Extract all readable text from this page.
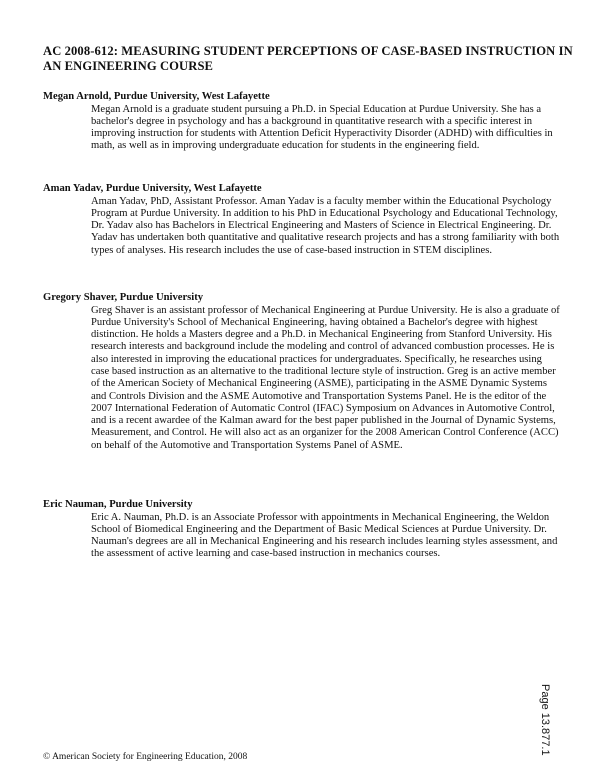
AC 2008-612: MEASURING STUDENT PERCEPTIONS OF CASE-BASED INSTRUCTION IN AN ENGINEERING COURSE
Megan Arnold, Purdue University, West Lafayette
Megan Arnold is a graduate student pursuing a Ph.D. in Special Education at Purdue University. She has a bachelor's degree in psychology and has a background in quantitative research with a specific interest in improving instruction for students with Attention Deficit Hyperactivity Disorder (ADHD) with difficulties in math, as well as in improving undergraduate education for students in the engineering field.
Aman Yadav, Purdue University, West Lafayette
Aman Yadav, PhD, Assistant Professor. Aman Yadav is a faculty member within the Educational Psychology Program at Purdue University. In addition to his PhD in Educational Psychology and Educational Technology, Dr. Yadav also has Bachelors in Electrical Engineering and Masters of Science in Electrical Engineering. Dr. Yadav has undertaken both quantitative and qualitative research projects and has a strong familiarity with both types of analyses. His research includes the use of case-based instruction in STEM disciplines.
Gregory Shaver, Purdue University
Greg Shaver is an assistant professor of Mechanical Engineering at Purdue University. He is also a graduate of Purdue University's School of Mechanical Engineering, having obtained a Bachelor's degree with highest distinction. He holds a Masters degree and a Ph.D. in Mechanical Engineering from Stanford University. His research interests and background include the modeling and control of advanced combustion processes. He is also interested in improving the educational practices for undergraduates. Specifically, he researches using case based instruction as an alternative to the traditional lecture style of instruction. Greg is an active member of the American Society of Mechanical Engineering (ASME), participating in the ASME Dynamic Systems and Controls Division and the ASME Automotive and Transportation Systems Panel. He is the editor of the 2007 International Federation of Automatic Control (IFAC) Symposium on Advances in Automotive Control, and is a recent awardee of the Kalman award for the best paper published in the Journal of Dynamic Systems, Measurement, and Control. He will also act as an organizer for the 2008 American Control Conference (ACC) on behalf of the Automotive and Transportation Systems Panel of ASME.
Eric Nauman, Purdue University
Eric A. Nauman, Ph.D. is an Associate Professor with appointments in Mechanical Engineering, the Weldon School of Biomedical Engineering and the Department of Basic Medical Sciences at Purdue University. Dr. Nauman's degrees are all in Mechanical Engineering and his research includes learning styles assessment, and the assessment of active learning and case-based instruction in mechanics courses.
Page 13.877.1
© American Society for Engineering Education, 2008
